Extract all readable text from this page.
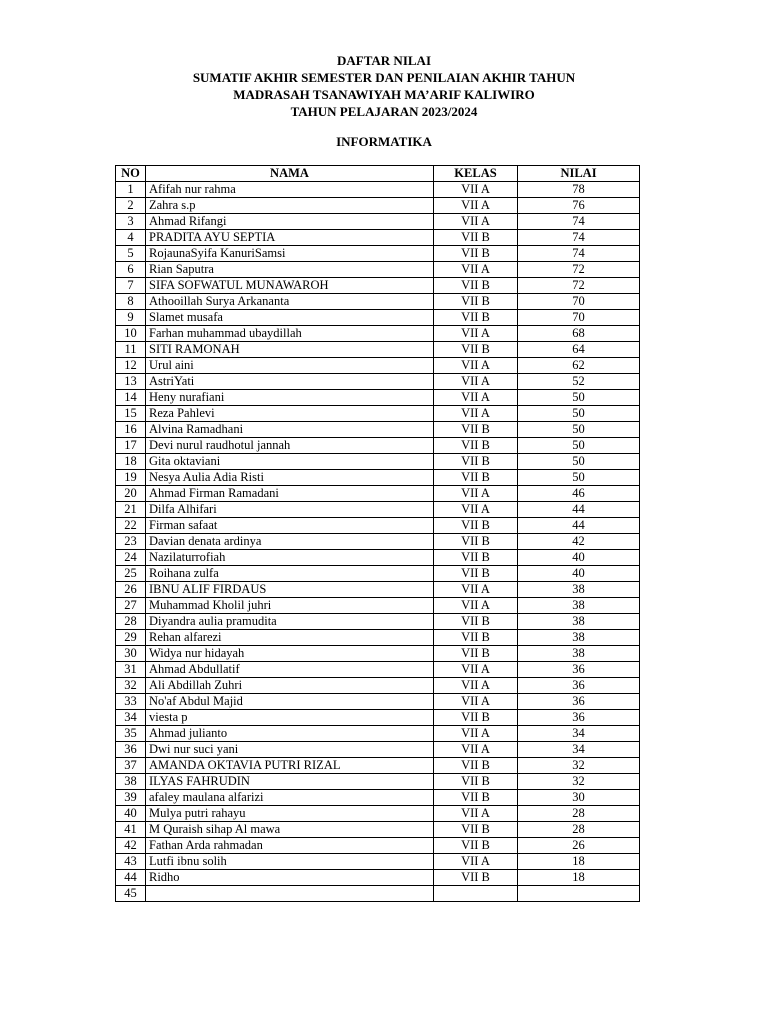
DAFTAR NILAI
SUMATIF AKHIR SEMESTER DAN PENILAIAN AKHIR TAHUN
MADRASAH TSANAWIYAH MA’ARIF KALIWIRO
TAHUN PELAJARAN 2023/2024
INFORMATIKA
NO	NAMA	KELAS	NILAI
1	Afifah nur rahma	VII A	78
2	Zahra s.p	VII A	76
3	Ahmad Rifangi	VII A	74
4	PRADITA AYU SEPTIA	VII B	74
5	RojaunaSyifa KanuriSamsi	VII B	74
6	Rian Saputra	VII A	72
7	SIFA SOFWATUL MUNAWAROH	VII B	72
8	Athooillah Surya Arkananta	VII B	70
9	Slamet musafa	VII B	70
10	Farhan muhammad ubaydillah	VII A	68
11	SITI RAMONAH	VII B	64
12	Urul aini	VII A	62
13	AstriYati	VII A	52
14	Heny nurafiani	VII A	50
15	Reza Pahlevi	VII A	50
16	Alvina Ramadhani	VII B	50
17	Devi nurul raudhotul jannah	VII B	50
18	Gita oktaviani	VII B	50
19	Nesya Aulia Adia Risti	VII B	50
20	Ahmad Firman Ramadani	VII A	46
21	Dilfa Alhifari	VII A	44
22	Firman safaat	VII B	44
23	Davian denata ardinya	VII B	42
24	Nazilaturrofiah	VII B	40
25	Roihana zulfa	VII B	40
26	IBNU ALIF FIRDAUS	VII A	38
27	Muhammad Kholil juhri	VII A	38
28	Diyandra aulia pramudita	VII B	38
29	Rehan alfarezi	VII B	38
30	Widya nur hidayah	VII B	38
31	Ahmad Abdullatif	VII A	36
32	Ali Abdillah Zuhri	VII A	36
33	No'af Abdul Majid	VII A	36
34	viesta p	VII B	36
35	Ahmad julianto	VII A	34
36	Dwi nur suci yani	VII A	34
37	AMANDA OKTAVIA PUTRI RIZAL	VII B	32
38	ILYAS FAHRUDIN	VII B	32
39	afaley maulana alfarizi	VII B	30
40	Mulya putri rahayu	VII A	28
41	M Quraish sihap Al mawa	VII B	28
42	Fathan Arda rahmadan	VII B	26
43	Lutfi ibnu solih	VII A	18
44	Ridho	VII B	18
45			
